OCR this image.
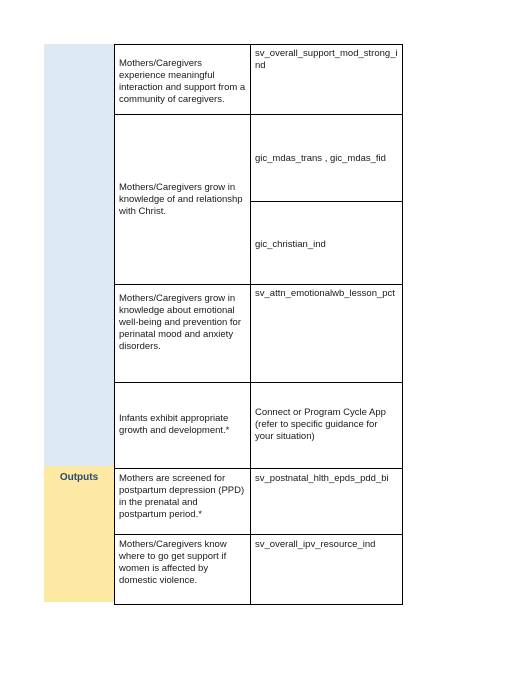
Outputs
Mothers/Caregivers experience meaningful interaction and support from a community of caregivers.	sv_overall_support_mod_strong_ind
Mothers/Caregivers grow in knowledge of and relationshp with Christ.	gic_mdas_trans , gic_mdas_fid
	gic_christian_ind
Mothers/Caregivers grow in knowledge about emotional well-being and prevention for perinatal mood and anxiety disorders.	sv_attn_emotionalwb_lesson_pct
Infants exhibit appropriate growth and development.*	Connect or Program Cycle App (refer to specific guidance for your situation)
Mothers are screened for postpartum depression (PPD) in the prenatal and postpartum period.*	sv_postnatal_hlth_epds_pdd_bi
Mothers/Caregivers know where to go get support if women is affected by domestic violence.	sv_overall_ipv_resource_ind
